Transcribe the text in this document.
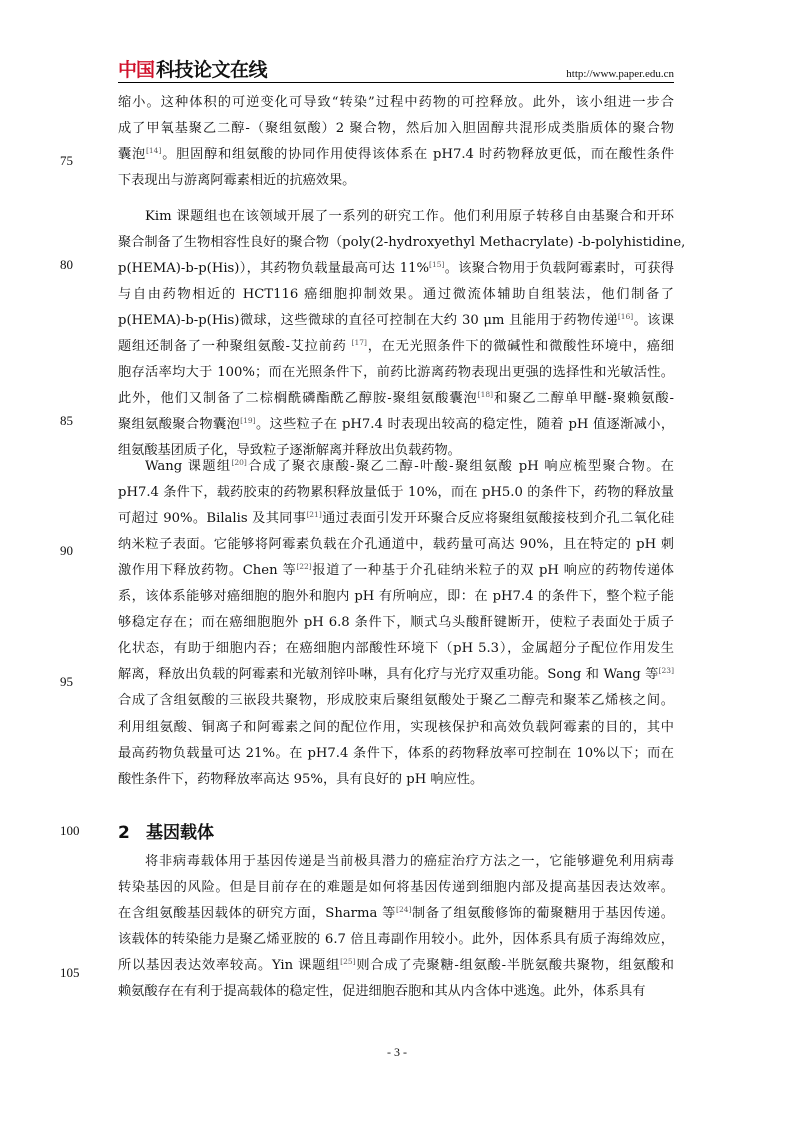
中国 科技论文在线	http://www.paper.edu.cn
缩小。这种体积的可逆变化可导致“转染”过程中药物的可控释放。此外，该小组进一步合
成了甲氧基聚乙二醇-（聚组氨酸）2 聚合物，然后加入胆固醇共混形成类脂质体的聚合物
囊泡[14]。胆固醇和组氨酸的协同作用使得该体系在 pH7.4 时药物释放更低，而在酸性条件
下表现出与游离阿霉素相近的抗癌效果。
Kim 课题组也在该领域开展了一系列的研究工作。他们利用原子转移自由基聚合和开环
聚合制备了生物相容性良好的聚合物（poly(2-hydroxyethyl Methacrylate) -b-polyhistidine,
p(HEMA)-b-p(His)），其药物负载量最高可达 11%[15]。该聚合物用于负载阿霉素时，可获得
与自由药物相近的 HCT116 癌细胞抑制效果。通过微流体辅助自组装法，他们制备了
p(HEMA)-b-p(His)微球，这些微球的直径可控制在大约 30 μm 且能用于药物传递[16]。该课
题组还制备了一种聚组氨酸-艾拉前药 [17]，在无光照条件下的微碱性和微酸性环境中，癌细
胞存活率均大于 100%；而在光照条件下，前药比游离药物表现出更强的选择性和光敏活性。
此外，他们又制备了二棕榈酰磷酯酰乙醇胺-聚组氨酸囊泡[18]和聚乙二醇单甲醚-聚赖氨酸-
聚组氨酸聚合物囊泡[19]。这些粒子在 pH7.4 时表现出较高的稳定性，随着 pH 值逐渐减小，
组氨酸基团质子化，导致粒子逐渐解离并释放出负载药物。
Wang 课题组[20]合成了聚衣康酸-聚乙二醇-叶酸-聚组氨酸 pH 响应梳型聚合物。在
pH7.4 条件下，载药胶束的药物累积释放量低于 10%，而在 pH5.0 的条件下，药物的释放量
可超过 90%。Bilalis 及其同事[21]通过表面引发开环聚合反应将聚组氨酸接枝到介孔二氧化硅
纳米粒子表面。它能够将阿霉素负载在介孔通道中，载药量可高达 90%，且在特定的 pH 刺
激作用下释放药物。Chen 等[22]报道了一种基于介孔硅纳米粒子的双 pH 响应的药物传递体
系，该体系能够对癌细胞的胞外和胞内 pH 有所响应，即：在 pH7.4 的条件下，整个粒子能
够稳定存在；而在癌细胞胞外 pH 6.8 条件下，顺式乌头酸酐键断开，使粒子表面处于质子
化状态，有助于细胞内吞；在癌细胞内部酸性环境下（pH 5.3），金属超分子配位作用发生
解离，释放出负载的阿霉素和光敏剂锌卟啉，具有化疗与光疗双重功能。Song 和 Wang 等[23]
合成了含组氨酸的三嵌段共聚物，形成胶束后聚组氨酸处于聚乙二醇壳和聚苯乙烯核之间。
利用组氨酸、铜离子和阿霉素之间的配位作用，实现核保护和高效负载阿霉素的目的，其中
最高药物负载量可达 21%。在 pH7.4 条件下，体系的药物释放率可控制在 10%以下；而在
酸性条件下，药物释放率高达 95%，具有良好的 pH 响应性。
将非病毒载体用于基因传递是当前极具潜力的癌症治疗方法之一，它能够避免利用病毒
转染基因的风险。但是目前存在的难题是如何将基因传递到细胞内部及提高基因表达效率。
在含组氨酸基因载体的研究方面，Sharma 等[24]制备了组氨酸修饰的葡聚糖用于基因传递。
该载体的转染能力是聚乙烯亚胺的 6.7 倍且毒副作用较小。此外，因体系具有质子海绵效应，
所以基因表达效率较高。Yin 课题组[25]则合成了壳聚糖-组氨酸-半胱氨酸共聚物，组氨酸和
赖氨酸存在有利于提高载体的稳定性，促进细胞吞胞和其从内含体中逃逸。此外，体系具有
75
80
85
90
95
100
105
2 基因载体
- 3 -
